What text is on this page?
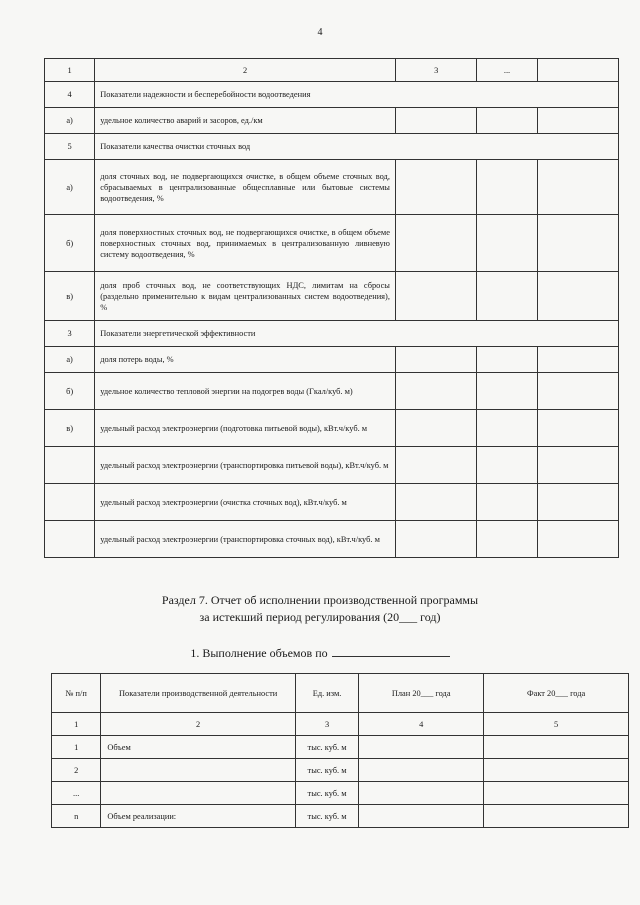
4
1	2	3	...	
4	Показатели надежности и бесперебойности водоотведения			
а)	удельное количество аварий и засоров, ед./км			
5	Показатели качества очистки сточных вод			
а)	доля сточных вод, не подвергающихся очистке, в общем объеме сточных вод, сбрасываемых в централизованные общесплавные или бытовые системы водоотведения, %			
б)	доля поверхностных сточных вод, не подвергающихся очистке, в общем объеме поверхностных сточных вод, принимаемых в централизованную ливневую систему водоотведения, %			
в)	доля проб сточных вод, не соответствующих НДС, лимитам на сбросы (раздельно применительно к видам централизованных систем водоотведения), %			
3	Показатели энергетической эффективности			
а)	доля потерь воды, %			
б)	удельное количество тепловой энергии на подогрев воды (Гкал/куб. м)			
в)	удельный расход электроэнергии (подготовка питьевой воды), кВт.ч/куб. м			
	удельный расход электроэнергии (транспортировка питьевой воды), кВт.ч/куб. м			
	удельный расход электроэнергии (очистка сточных вод), кВт.ч/куб. м			
	удельный расход электроэнергии (транспортировка сточных вод), кВт.ч/куб. м			
Раздел 7. Отчет об исполнении производственной программы
за истекший период регулирования (20___ год)
1. Выполнение объемов по
№ п/п	Показатели производственной деятельности	Ед. изм.	План 20___ года	Факт 20___ года
1	2	3	4	5
1	Объем	тыс. куб. м		
2		тыс. куб. м		
...		тыс. куб. м		
n	Объем реализации:	тыс. куб. м		
